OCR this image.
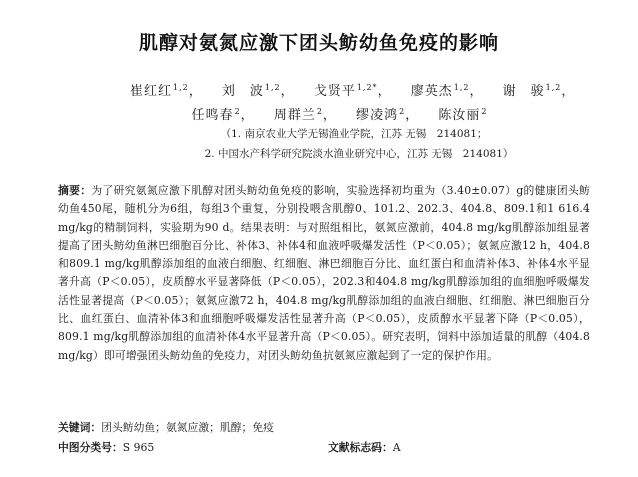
肌醇对氨氮应激下团头鲂幼鱼免疫的影响
崔红红$^{1,2}$， 刘　波$^{1,2}$， 戈贤平$^{1,2*}$， 廖英杰$^{1,2}$， 谢　骏$^{1,2}$，
任鸣春$^2$， 周群兰$^2$， 缪凌鸿$^2$， 陈汝丽$^2$
（1. 南京农业大学无锡渔业学院，江苏 无锡　214081；
2. 中国水产科学研究院淡水渔业研究中心，江苏 无锡　214081）
摘要：为了研究氨氮应激下肌醇对团头鲂幼鱼免疫的影响，实验选择初均重为（3.40±0.07）g的健康团头鲂幼鱼450尾，随机分为6组，每组3个重复，分别投喂含肌醇0、101.2、202.3、404.8、809.1和1 616.4 mg/kg的精制饲料，实验期为90 d。结果表明：与对照组相比，氨氮应激前，404.8 mg/kg肌醇添加组显著提高了团头鲂幼鱼淋巴细胞百分比、补体3、补体4和血液呼吸爆发活性（P＜0.05）；氨氮应激12 h，404.8和809.1 mg/kg肌醇添加组的血液白细胞、红细胞、淋巴细胞百分比、血红蛋白和血清补体3、补体4水平显著升高（P＜0.05），皮质醇水平显著降低（P＜0.05），202.3和404.8 mg/kg肌醇添加组的血细胞呼吸爆发活性显著提高（P＜0.05）；氨氮应激72 h，404.8 mg/kg肌醇添加组的血液白细胞、红细胞、淋巴细胞百分比、血红蛋白、血清补体3和血细胞呼吸爆发活性显著升高（P＜0.05），皮质醇水平显著下降（P＜0.05），809.1 mg/kg肌醇添加组的血清补体4水平显著升高（P＜0.05）。研究表明，饲料中添加适量的肌醇（404.8 mg/kg）即可增强团头鲂幼鱼的免疫力，对团头鲂幼鱼抗氨氮应激起到了一定的保护作用。
关键词：团头鲂幼鱼；氨氮应激；肌醇；免疫
中图分类号：S 965	文献标志码：A
